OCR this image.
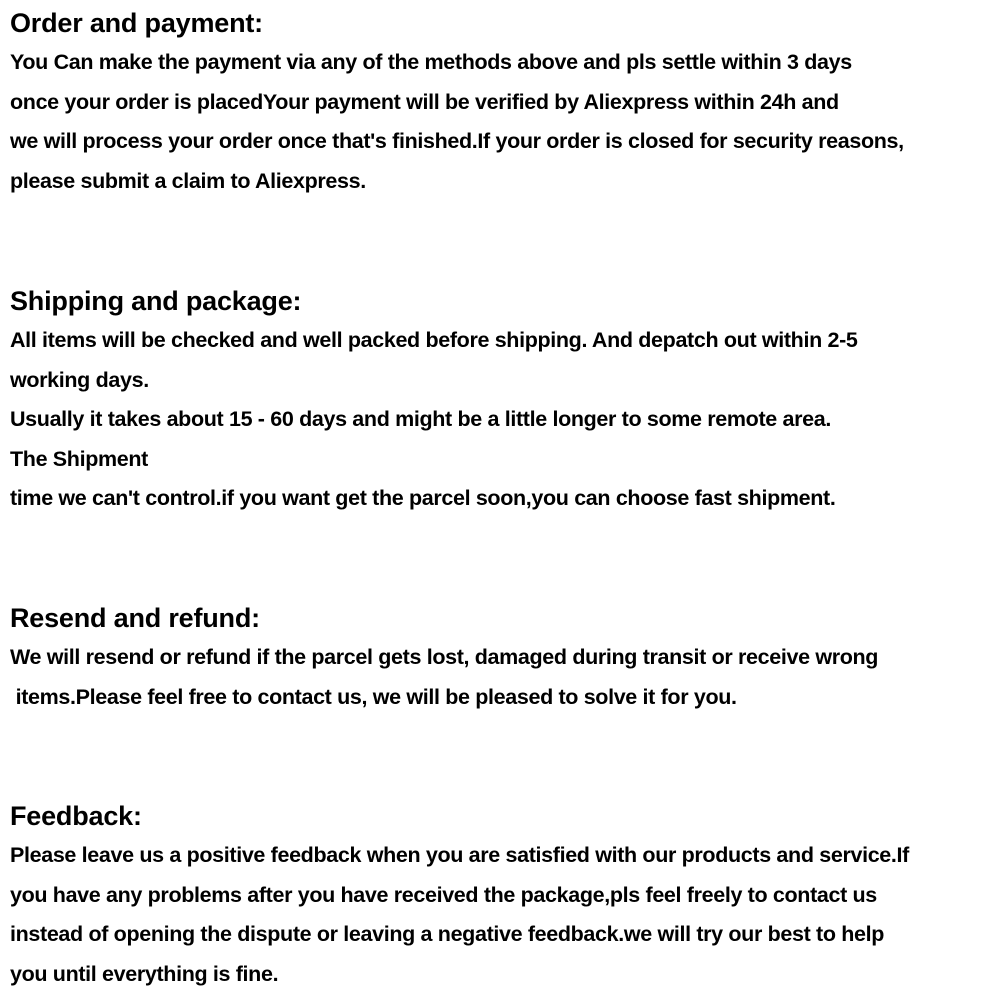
Order and payment:
You Can make the payment via any of the methods above and pls settle within 3 days
once your order is placedYour payment will be verified by Aliexpress within 24h and
we will process your order once that's finished.If your order is closed for security reasons,
please submit a claim to Aliexpress.
Shipping and package:
All items will be checked and well packed before shipping. And depatch out within 2-5
working days.
Usually it takes about 15 - 60 days and might be a little longer to some remote area.
The Shipment
time we can't control.if you want get the parcel soon,you can choose fast shipment.
Resend and refund:
We will resend or refund if the parcel gets lost, damaged during transit or receive wrong
items.Please feel free to contact us, we will be pleased to solve it for you.
Feedback:
Please leave us a positive feedback when you are satisfied with our products and service.If
you have any problems after you have received the package,pls feel freely to contact us
instead of opening the dispute or leaving a negative feedback.we will try our best to help
you until everything is fine.
